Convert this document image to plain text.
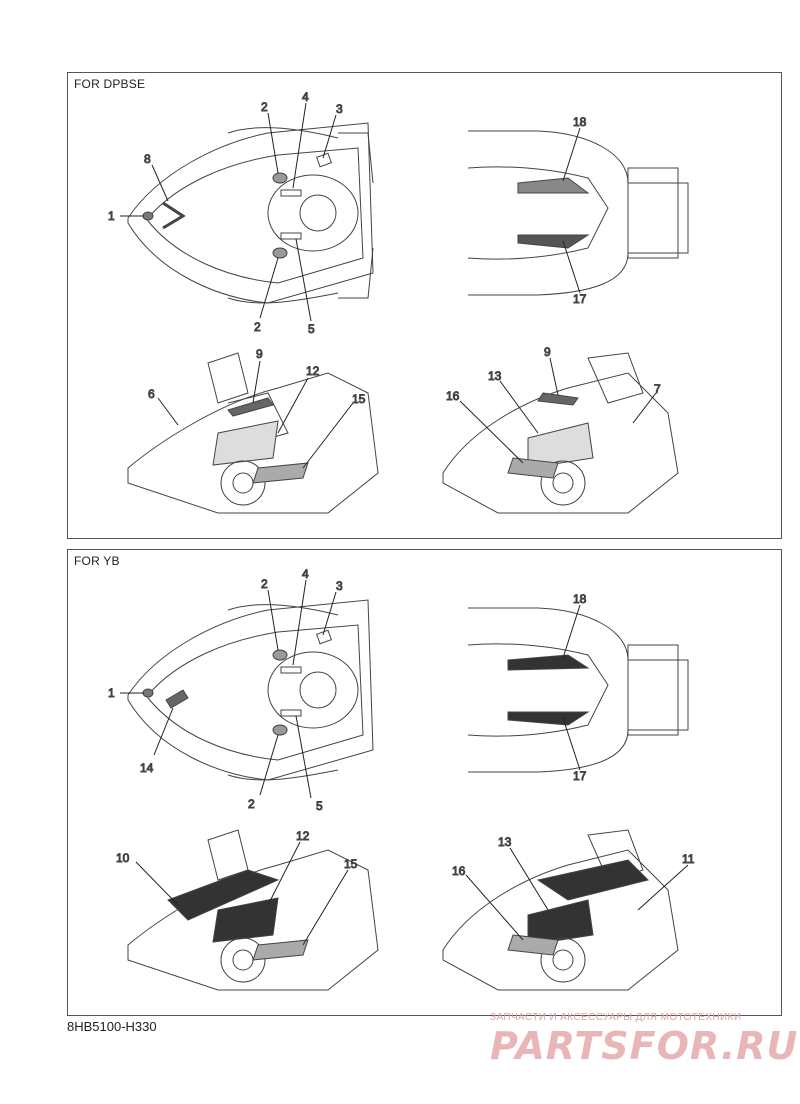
FOR DPBSE
1
8
2
4
3
2	5
18
17
6
9
12
15
13
9
16	7
FOR YB
1
14
2
4
3
2	5
18
17
10
12
15
13
16
11
8HB5100-H330
ЗАПЧАСТИ И АКСЕССУАРЫ ДЛЯ МОТОТЕХНИКИ
PARTSFOR.RU
